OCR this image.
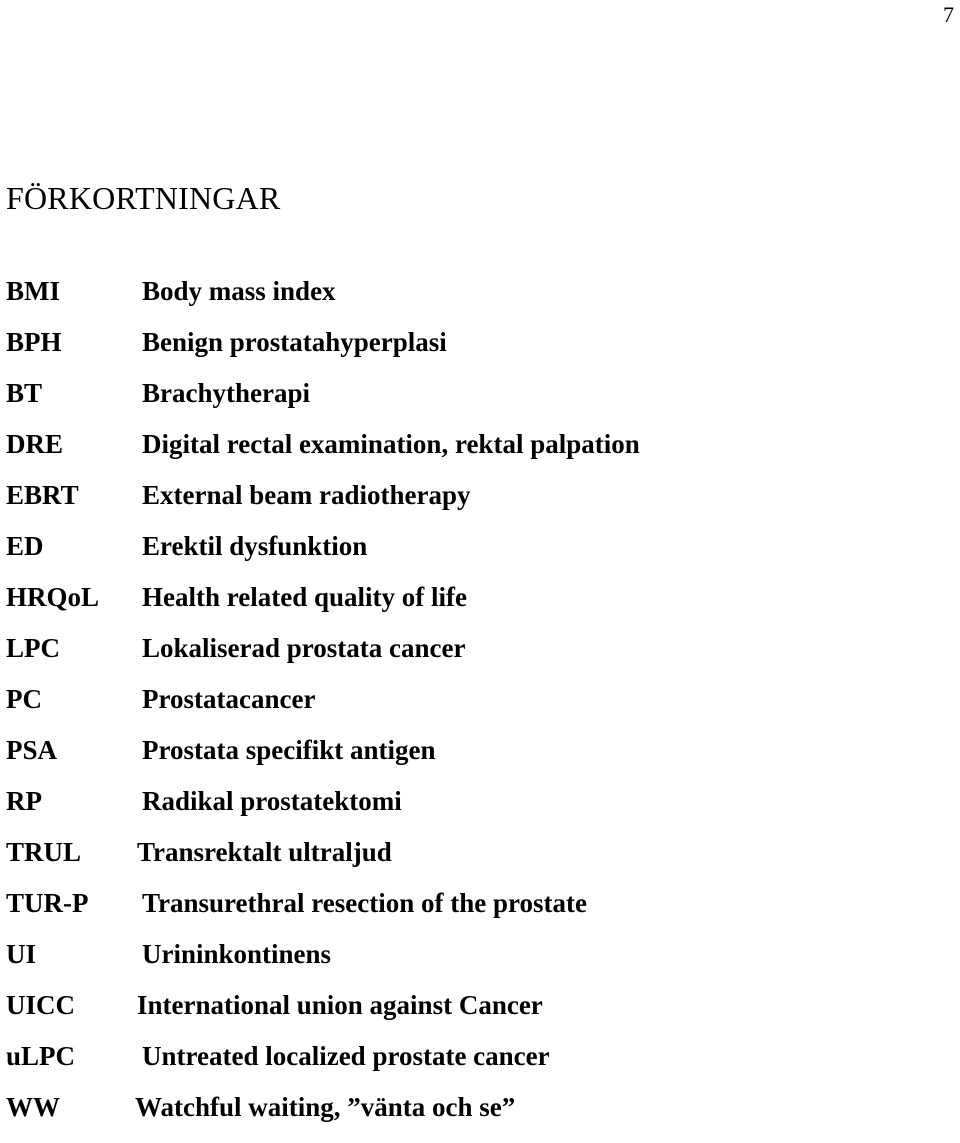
7
FÖRKORTNINGAR
BMI	Body mass index
BPH	Benign prostatahyperplasi
BT	Brachytherapi
DRE	Digital rectal examination, rektal palpation
EBRT External beam radiotherapy
ED	Erektil dysfunktion
HRQoL Health related quality of life
LPC	Lokaliserad prostata cancer
PC	Prostatacancer
PSA	Prostata specifikt antigen
RP	Radikal prostatektomi
TRUL Transrektalt ultraljud
TUR-P Transurethral resection of the prostate
UI	Urininkontinens
UICC International union against Cancer
uLPC Untreated localized prostate cancer
WW	Watchful waiting, ”vänta och se”
